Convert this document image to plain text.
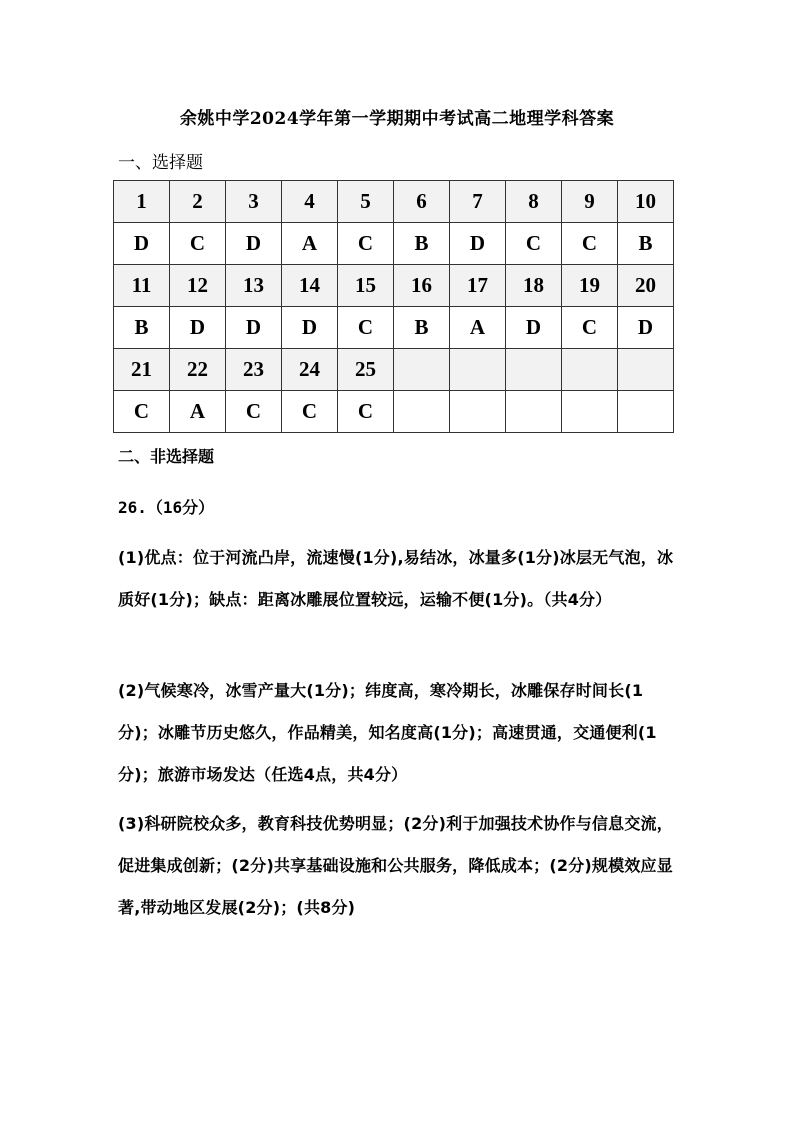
余姚中学2024学年第一学期期中考试高二地理学科答案
一、选择题
1	2	3	4	5	6	7	8	9	10
D	C	D	A	C	B	D	C	C	B
11	12	13	14	15	16	17	18	19	20
B	D	D	D	C	B	A	D	C	D
21	22	23	24	25					
C	A	C	C	C					
二、非选择题
26.（16分）
(1)优点：位于河流凸岸，流速慢(1分),易结冰，冰量多(1分)冰层无气泡，冰质好(1分)；缺点：距离冰雕展位置较远，运输不便(1分)。（共4分）
(2)气候寒冷，冰雪产量大(1分)；纬度高，寒冷期长，冰雕保存时间长(1分)；冰雕节历史悠久，作品精美，知名度高(1分)；高速贯通，交通便利(1分)；旅游市场发达（任选4点，共4分）
(3)科研院校众多，教育科技优势明显；(2分)利于加强技术协作与信息交流，促进集成创新；(2分)共享基础设施和公共服务，降低成本；(2分)规模效应显著,带动地区发展(2分)；(共8分)
